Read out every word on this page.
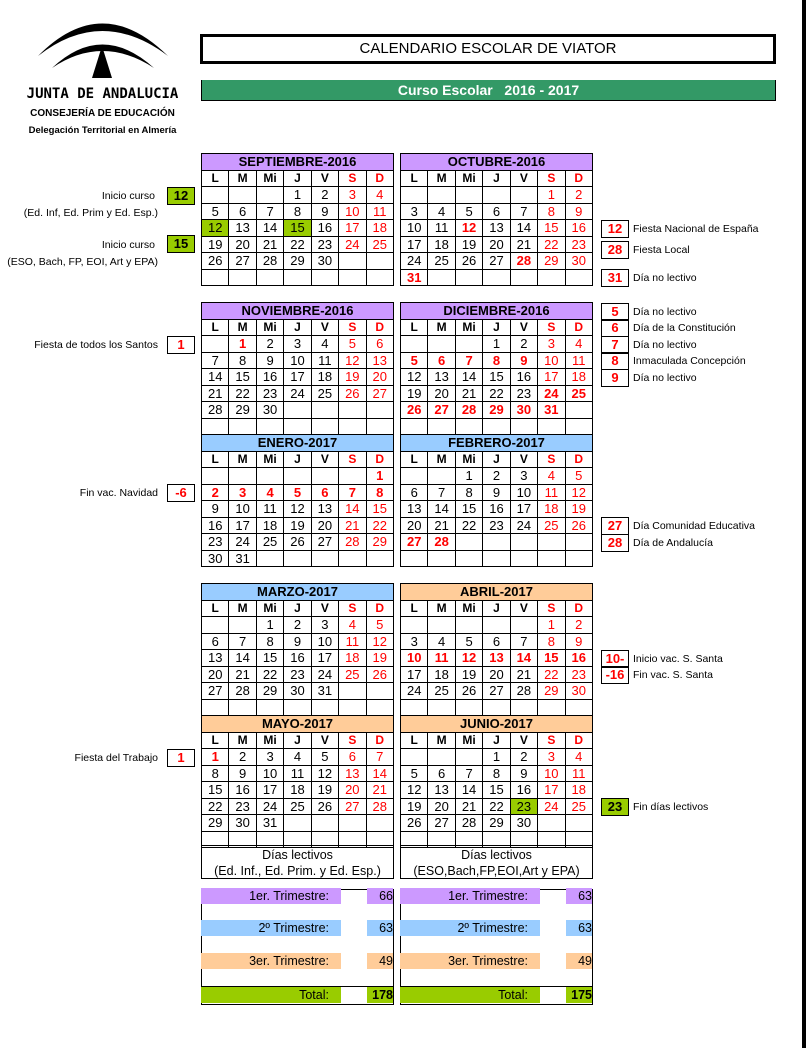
JUNTA DE ANDALUCIA
CONSEJERÍA DE EDUCACIÓN
Delegación Territorial en Almería
CALENDARIO ESCOLAR DE VIATOR
Curso Escolar   2016 - 2017
SEPTIEMBRE-2016						
L	M	Mi	J	V	S	D
			1	2	3	4
5	6	7	8	9	10	11
12	13	14	15	16	17	18
19	20	21	22	23	24	25
26	27	28	29	30		

OCTUBRE-2016						
L	M	Mi	J	V	S	D
					1	2
3	4	5	6	7	8	9
10	11	12	13	14	15	16
17	18	19	20	21	22	23
24	25	26	27	28	29	30
31						
NOVIEMBRE-2016						
L	M	Mi	J	V	S	D
	1	2	3	4	5	6
7	8	9	10	11	12	13
14	15	16	17	18	19	20
21	22	23	24	25	26	27
28	29	30				

DICIEMBRE-2016						
L	M	Mi	J	V	S	D
			1	2	3	4
5	6	7	8	9	10	11
12	13	14	15	16	17	18
19	20	21	22	23	24	25
26	27	28	29	30	31	

ENERO-2017						
L	M	Mi	J	V	S	D
						1
2	3	4	5	6	7	8
9	10	11	12	13	14	15
16	17	18	19	20	21	22
23	24	25	26	27	28	29
30	31					
FEBRERO-2017						
L	M	Mi	J	V	S	D
		1	2	3	4	5
6	7	8	9	10	11	12
13	14	15	16	17	18	19
20	21	22	23	24	25	26
27	28					

MARZO-2017						
L	M	Mi	J	V	S	D
		1	2	3	4	5
6	7	8	9	10	11	12
13	14	15	16	17	18	19
20	21	22	23	24	25	26
27	28	29	30	31		

ABRIL-2017						
L	M	Mi	J	V	S	D
					1	2
3	4	5	6	7	8	9
10	11	12	13	14	15	16
17	18	19	20	21	22	23
24	25	26	27	28	29	30

MAYO-2017						
L	M	Mi	J	V	S	D
1	2	3	4	5	6	7
8	9	10	11	12	13	14
15	16	17	18	19	20	21
22	23	24	25	26	27	28
29	30	31				

JUNIO-2017						
L	M	Mi	J	V	S	D
			1	2	3	4
5	6	7	8	9	10	11
12	13	14	15	16	17	18
19	20	21	22	23	24	25
26	27	28	29	30		

Inicio curso	12
(Ed. Inf, Ed. Prim y Ed. Esp.)
Inicio curso	15
(ESO, Bach, FP, EOI, Art y EPA)
Fiesta de todos los Santos	1
Fin vac. Navidad	-6
Fiesta del Trabajo	1
12	Fiesta Nacional de España
28	Fiesta Local
31	Día no lectivo
5	Día no lectivo
6	Día de la Constitución
7	Día no lectivo
8	Inmaculada Concepción
9	Día no lectivo
27	Día Comunidad Educativa
28	Día de Andalucía
10- Inicio vac. S. Santa
-16 Fin vac. S. Santa
23	Fin días lectivos
Días lectivos
(Ed. Inf., Ed. Prim. y Ed. Esp.)
1er. Trimestre:	66
2º Trimestre:	63
3er. Trimestre:	49
Total:	178
Días lectivos
(ESO,Bach,FP,EOI,Art y EPA)
1er. Trimestre:	63
2º Trimestre:	63
3er. Trimestre:	49
Total:	175
